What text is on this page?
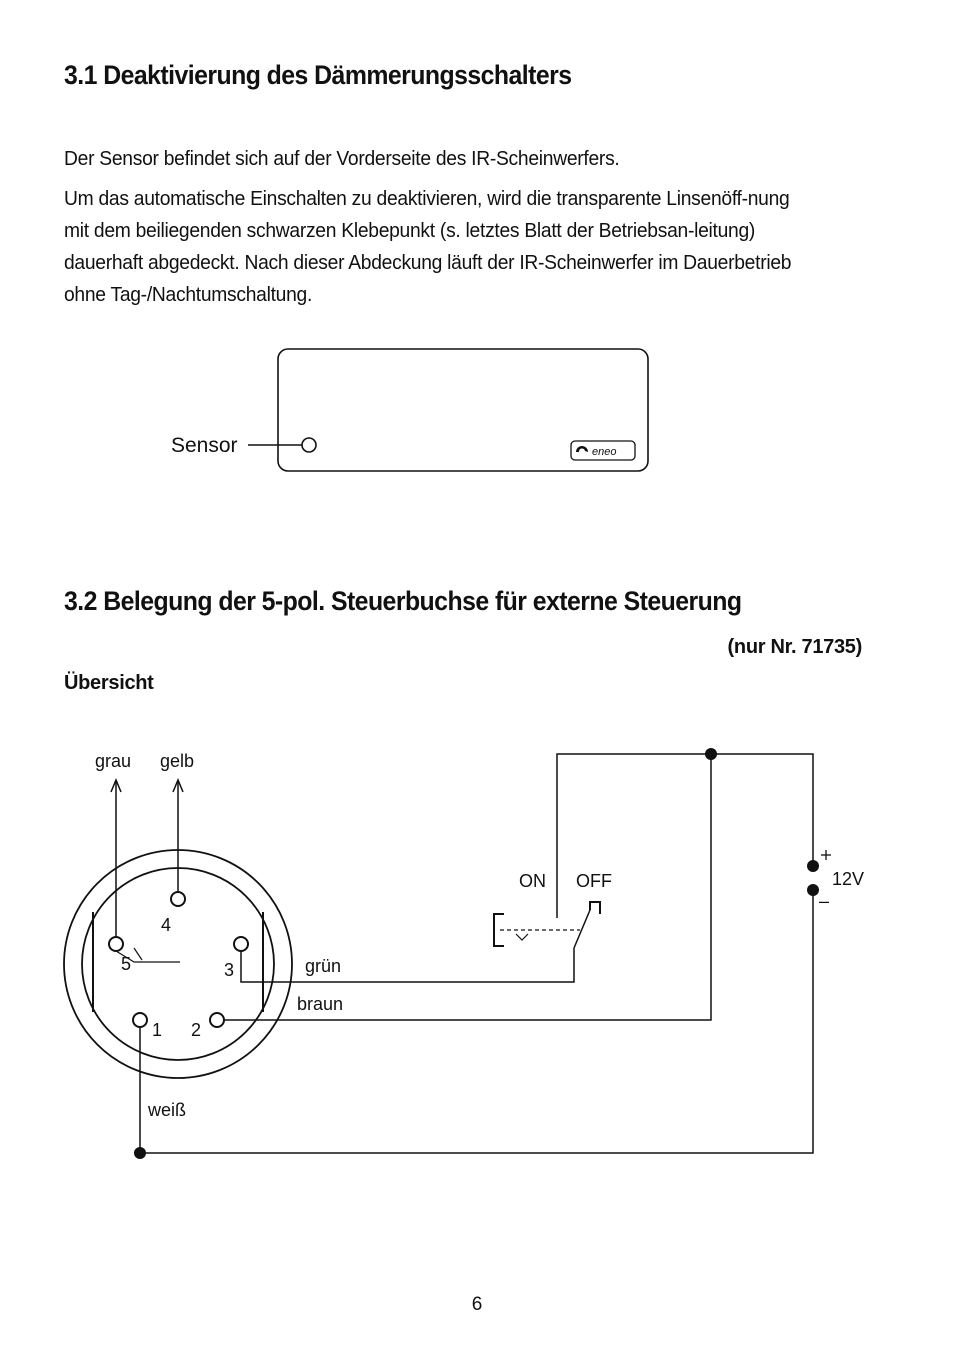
3.1 Deaktivierung des Dämmerungsschalters

Der Sensor befindet sich auf der Vorderseite des IR-Scheinwerfers.

Um das automatische Einschalten zu deaktivieren, wird die transparente Linsenöff-nung mit dem beiliegenden schwarzen Klebepunkt (s. letztes Blatt der Betriebsan-leitung) dauerhaft abgedeckt. Nach dieser Abdeckung läuft der IR-Scheinwerfer im Dauerbetrieb ohne Tag-/Nachtumschaltung.

Sensor	eneo
grau gelb
4
5	3
1 2
grün
braun
weiß
ON OFF	12V
–
3.2 Belegung der 5-pol. Steuerbuchse für externe Steuerung

(nur Nr. 71735)

Übersicht

6
